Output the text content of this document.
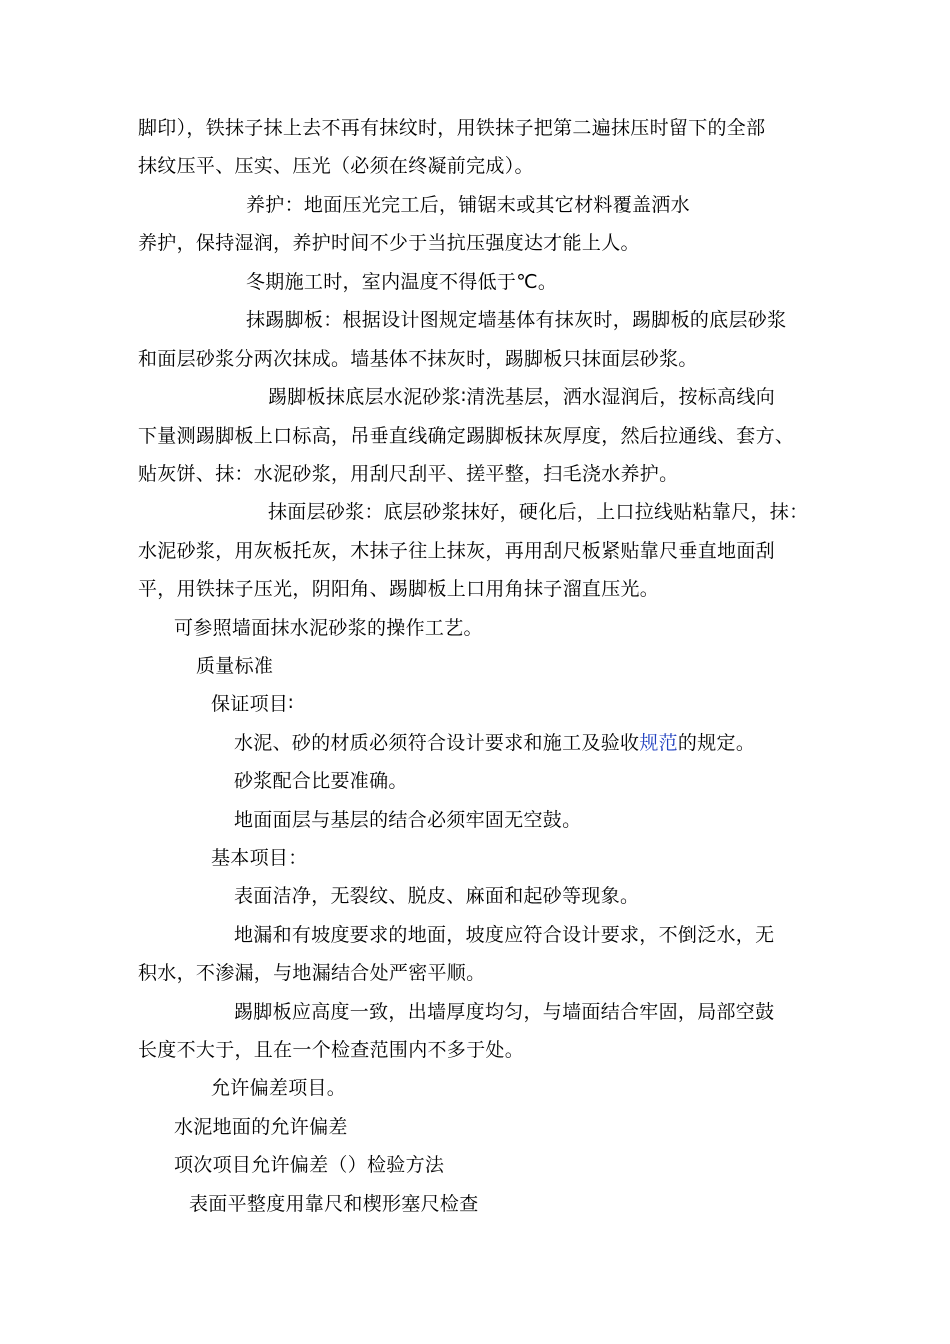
脚印），铁抹子抹上去不再有抹纹时，用铁抹子把第二遍抹压时留下的全部
抹纹压平、压实、压光（必须在终凝前完成）。
养护：地面压光完工后，铺锯末或其它材料覆盖洒水
养护，保持湿润，养护时间不少于当抗压强度达才能上人。
冬期施工时，室内温度不得低于℃。
抹踢脚板：根据设计图规定墙基体有抹灰时，踢脚板的底层砂浆
和面层砂浆分两次抹成。墙基体不抹灰时，踢脚板只抹面层砂浆。
踢脚板抹底层水泥砂浆∶清洗基层，洒水湿润后，按标高线向
下量测踢脚板上口标高，吊垂直线确定踢脚板抹灰厚度，然后拉通线、套方、
贴灰饼、抹：水泥砂浆，用刮尺刮平、搓平整，扫毛浇水养护。
抹面层砂浆：底层砂浆抹好，硬化后，上口拉线贴粘靠尺，抹：
水泥砂浆，用灰板托灰，木抹子往上抹灰，再用刮尺板紧贴靠尺垂直地面刮
平，用铁抹子压光，阴阳角、踢脚板上口用角抹子溜直压光。
可参照墙面抹水泥砂浆的操作工艺。
质量标准
保证项目∶
水泥、砂的材质必须符合设计要求和施工及验收规范的规定。
砂浆配合比要准确。
地面面层与基层的结合必须牢固无空鼓。
基本项目：
表面洁净，无裂纹、脱皮、麻面和起砂等现象。
地漏和有坡度要求的地面，坡度应符合设计要求，不倒泛水，无
积水，不渗漏，与地漏结合处严密平顺。
踢脚板应高度一致，出墙厚度均匀，与墙面结合牢固，局部空鼓
长度不大于，且在一个检查范围内不多于处。
允许偏差项目。
水泥地面的允许偏差
项次项目允许偏差（）检验方法
表面平整度用靠尺和楔形塞尺检查
